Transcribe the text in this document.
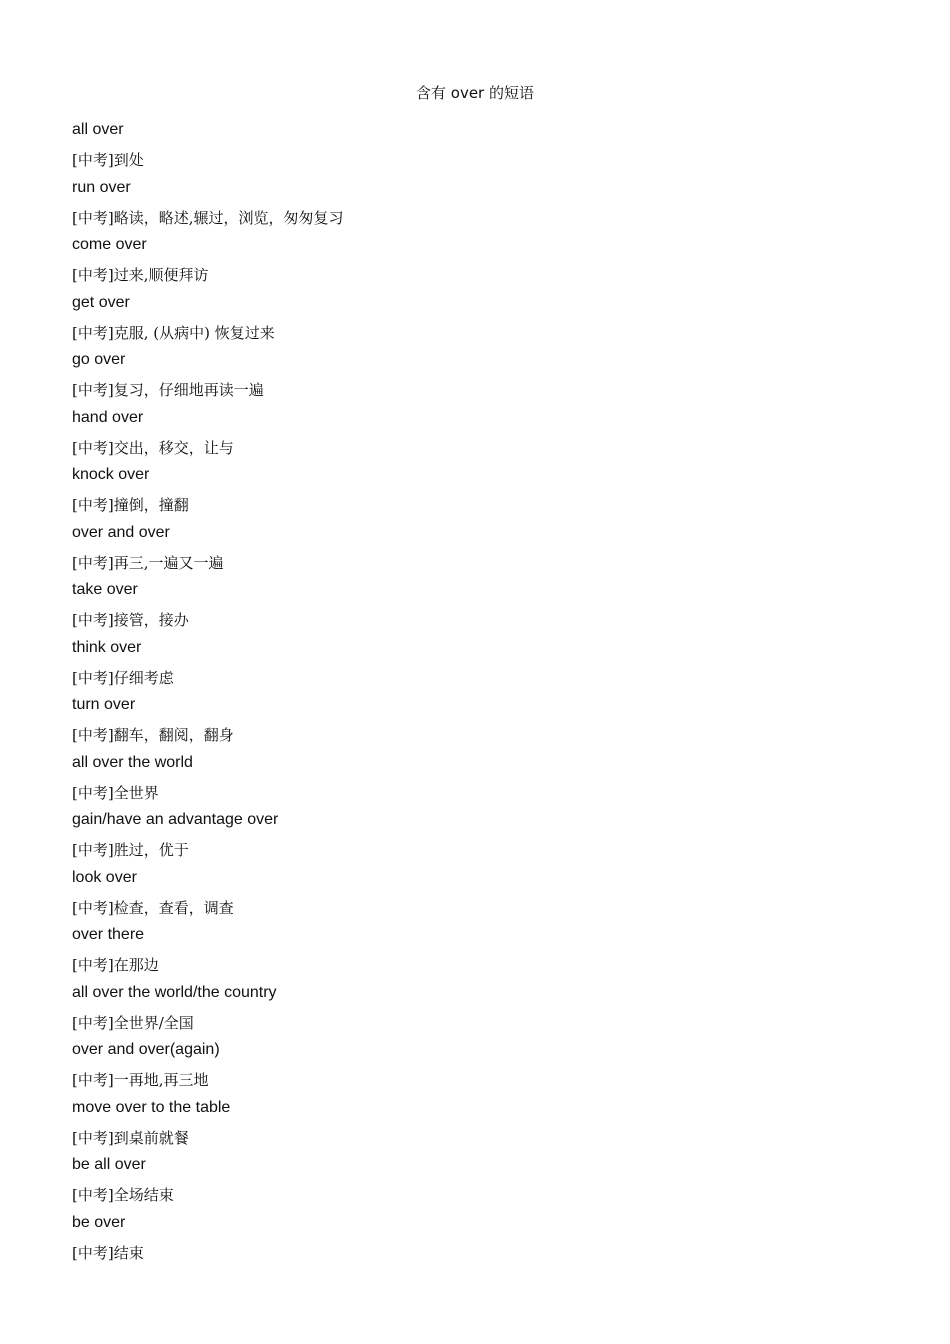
含有 over 的短语
all over
[中考]到处
run over
[中考]略读，略述,辗过，浏览，匆匆复习
come over
[中考]过来,顺便拜访
get over
[中考]克服, (从病中) 恢复过来
go over
[中考]复习，仔细地再读一遍
hand over
[中考]交出，移交，让与
knock over
[中考]撞倒，撞翻
over and over
[中考]再三,一遍又一遍
take over
[中考]接管，接办
think over
[中考]仔细考虑
turn over
[中考]翻车，翻阅，翻身
all over the world
[中考]全世界
gain/have an advantage over
[中考]胜过，优于
look over
[中考]检查，查看，调查
over there
[中考]在那边
all over the world/the country
[中考]全世界/全国
over and over(again)
[中考]一再地,再三地
move over to the table
[中考]到桌前就餐
be all over
[中考]全场结束
be over
[中考]结束
